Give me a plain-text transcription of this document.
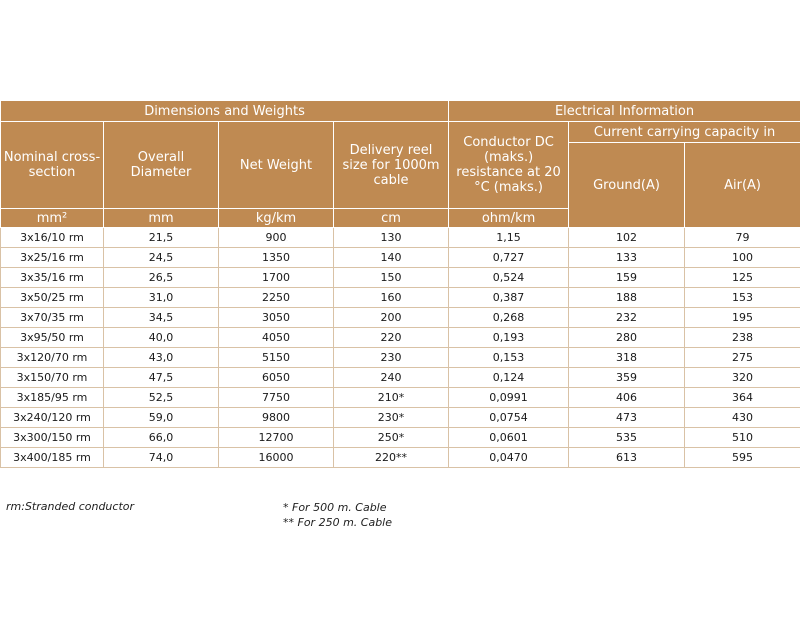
Dimensions and Weights				Electrical Information		
Nominal cross-section	Overall Diameter	Net Weight	Delivery reel size for 1000m cable	Conductor DC (maks.) resistance at 20 °C (maks.)	Current carrying capacity in	
					Ground(A)	Air(A)
mm²	mm	kg/km	cm	ohm/km		
3x16/10 rm	21,5	900	130	1,15	102	79
3x25/16 rm	24,5	1350	140	0,727	133	100
3x35/16 rm	26,5	1700	150	0,524	159	125
3x50/25 rm	31,0	2250	160	0,387	188	153
3x70/35 rm	34,5	3050	200	0,268	232	195
3x95/50 rm	40,0	4050	220	0,193	280	238
3x120/70 rm	43,0	5150	230	0,153	318	275
3x150/70 rm	47,5	6050	240	0,124	359	320
3x185/95 rm	52,5	7750	210*	0,0991	406	364
3x240/120 rm	59,0	9800	230*	0,0754	473	430
3x300/150 rm	66,0	12700	250*	0,0601	535	510
3x400/185 rm	74,0	16000	220**	0,0470	613	595
rm:Stranded conductor	* For 500 m. Cable
** For 250 m. Cable
